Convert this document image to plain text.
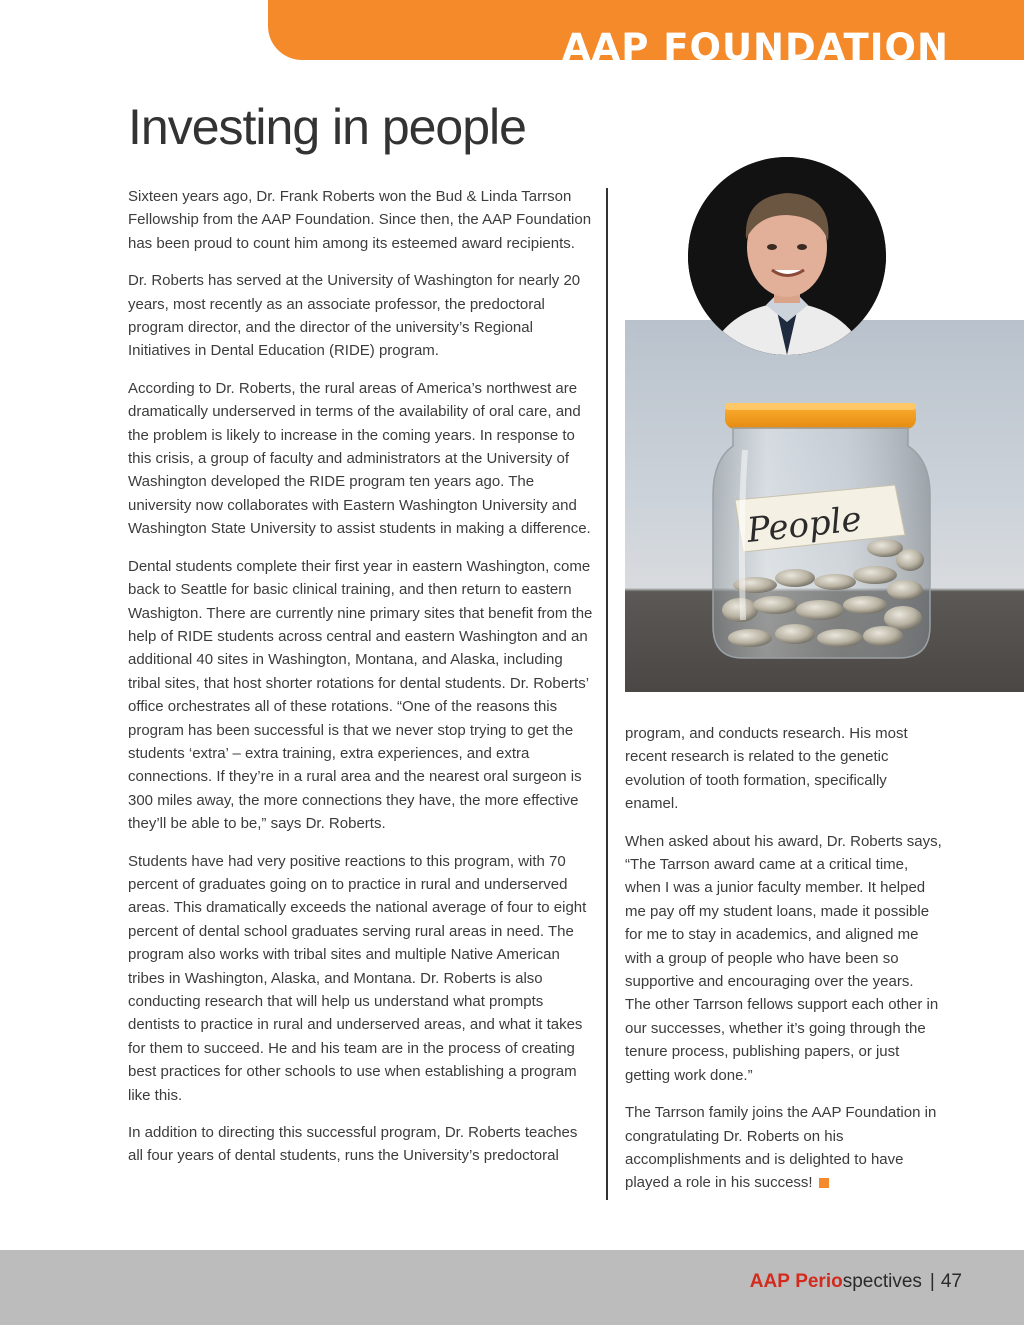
AAP FOUNDATION
Investing in people

Sixteen years ago, Dr. Frank Roberts won the Bud & Linda Tarrson Fellowship from the AAP Foundation. Since then, the AAP Foundation has been proud to count him among its esteemed award recipients.

Dr. Roberts has served at the University of Washington for nearly 20 years, most recently as an associate professor, the predoctoral program director, and the director of the university’s Regional Initiatives in Dental Education (RIDE) program.

According to Dr. Roberts, the rural areas of America’s northwest are dramatically underserved in terms of the availability of oral care, and the problem is likely to increase in the coming years. In response to this crisis, a group of faculty and administrators at the University of Washington developed the RIDE program ten years ago. The university now collaborates with Eastern Washington University and Washington State University to assist students in making a difference.

Dental students complete their first year in eastern Washington, come back to Seattle for basic clinical training, and then return to eastern Washigton. There are currently nine primary sites that benefit from the help of RIDE students across central and eastern Washington and an additional 40 sites in Washington, Montana, and Alaska, including tribal sites, that host shorter rotations for dental students. Dr. Roberts’ office orchestrates all of these rotations. “One of the reasons this program has been successful is that we never stop trying to get the students ‘extra’ – extra training, extra experiences, and extra connections. If they’re in a rural area and the nearest oral surgeon is 300 miles away, the more connections they have, the more effective they’ll be able to be,” says Dr. Roberts.

Students have had very positive reactions to this program, with 70 percent of graduates going on to practice in rural and underserved areas. This dramatically exceeds the national average of four to eight percent of dental school graduates serving rural areas in need. The program also works with tribal sites and multiple Native American tribes in Washington, Alaska, and Montana. Dr. Roberts is also conducting research that will help us understand what prompts dentists to practice in rural and underserved areas, and what it takes for them to succeed. He and his team are in the process of creating best practices for other schools to use when establishing a program like this.

In addition to directing this successful program, Dr. Roberts teaches all four years of dental students, runs the University’s predoctoral

People

program, and conducts research. His most recent research is related to the genetic evolution of tooth formation, specifically enamel.

When asked about his award, Dr. Roberts says, “The Tarrson award came at a critical time, when I was a junior faculty member. It helped me pay off my student loans, made it possible for me to stay in academics, and aligned me with a group of people who have been so supportive and encouraging over the years. The other Tarrson fellows support each other in our successes, whether it’s going through the tenure process, publishing papers, or just getting work done.”

The Tarrson family joins the AAP Foundation in congratulating Dr. Roberts on his accomplishments and is delighted to have played a role in his success!

AAP Periospectives | 47
